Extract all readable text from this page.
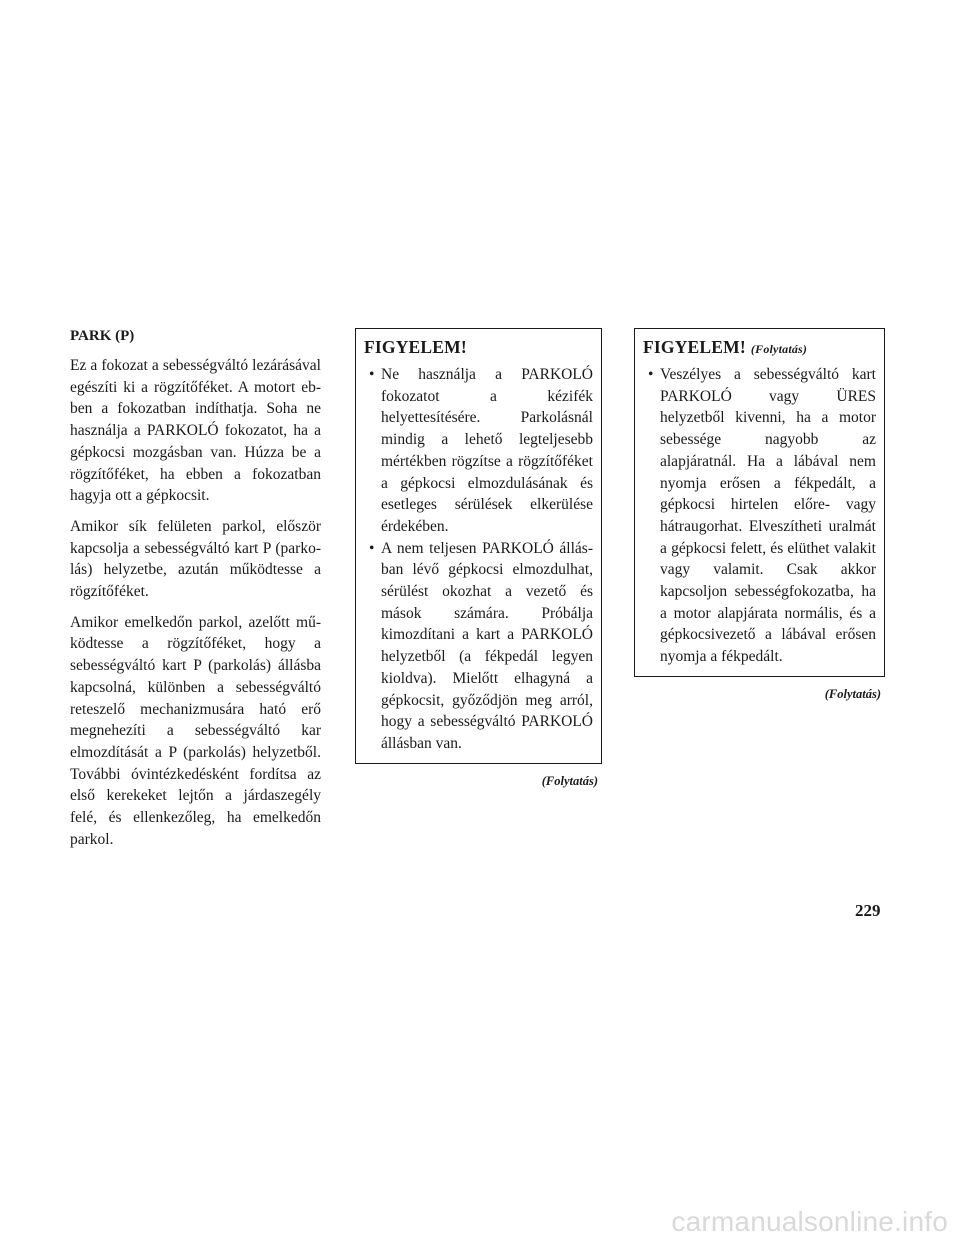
PARK (P)

Ez a fokozat a sebességváltó lezárásával egészíti ki a rögzítőféket. A motort ebben a fokozatban indíthatja. Soha ne használja a PARKOLÓ fokozatot, ha a gépkocsi mozgásban van. Húzza be a rögzítőféket, ha ebben a fokozatban hagyja ott a gépkocsit.

Amikor sík felületen parkol, először kapcsolja a sebességváltó kart P (parkolás) helyzetbe, azután működtesse a rögzítőféket.

Amikor emelkedőn parkol, azelőtt működtesse a rögzítőféket, hogy a sebességváltó kart P (parkolás) állásba kapcsolná, különben a sebességváltó reteszelő mechanizmusára ható erő megnehezíti a sebességváltó kar elmozdítását a P (parkolás) helyzetből. További óvintézkedésként fordítsa az első kerekeket lejtőn a járdaszegély felé, és ellenkezőleg, ha emelkedőn parkol.

FIGYELEM!
• Ne használja a PARKOLÓ fokozatot a kézifék helyettesítésére. Parkolásnál mindig a lehető legteljesebb mértékben rögzítse a rögzítőféket a gépkocsi elmozdulásának és esetleges sérülések elkerülése érdekében.
• A nem teljesen PARKOLÓ állásban lévő gépkocsi elmozdulhat, sérülést okozhat a vezető és mások számára. Próbálja kimozdítani a kart a PARKOLÓ helyzetből (a fékpedál legyen kioldva). Mielőtt elhagyná a gépkocsit, győződjön meg arról, hogy a sebességváltó PARKOLÓ állásban van.
(Folytatás)
FIGYELEM! (Folytatás)
• Veszélyes a sebességváltó kart PARKOLÓ vagy ÜRES helyzetből kivenni, ha a motor sebessége nagyobb az alapjáratnál. Ha a lábával nem nyomja erősen a fékpedált, a gépkocsi hirtelen előre- vagy hátraugorhat. Elveszítheti uralmát a gépkocsi felett, és elüthet valakit vagy valamit. Csak akkor kapcsoljon sebességfokozatba, ha a motor alapjárata normális, és a gépkocsivezető a lábával erősen nyomja a fékpedált.
(Folytatás)
229
carmanualsonline.info
